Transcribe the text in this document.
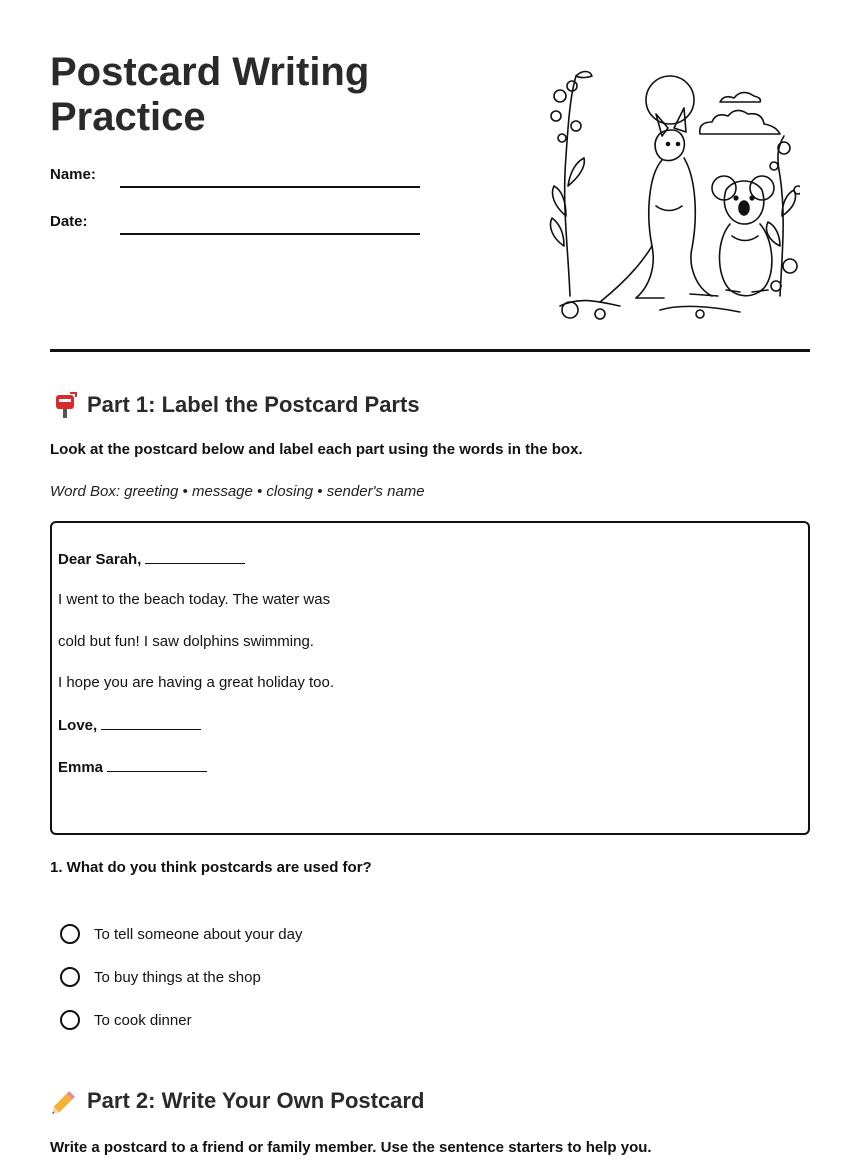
Postcard Writing
Practice
Name:
Date:
Part 1: Label the Postcard Parts
Look at the postcard below and label each part using the words in the box.
Word Box: greeting • message • closing • sender's name
Dear Sarah,
I went to the beach today. The water was
cold but fun! I saw dolphins swimming.
I hope you are having a great holiday too.
Love,
Emma
1. What do you think postcards are used for?
To tell someone about your day
To buy things at the shop
To cook dinner
Part 2: Write Your Own Postcard
Write a postcard to a friend or family member. Use the sentence starters to help you.
